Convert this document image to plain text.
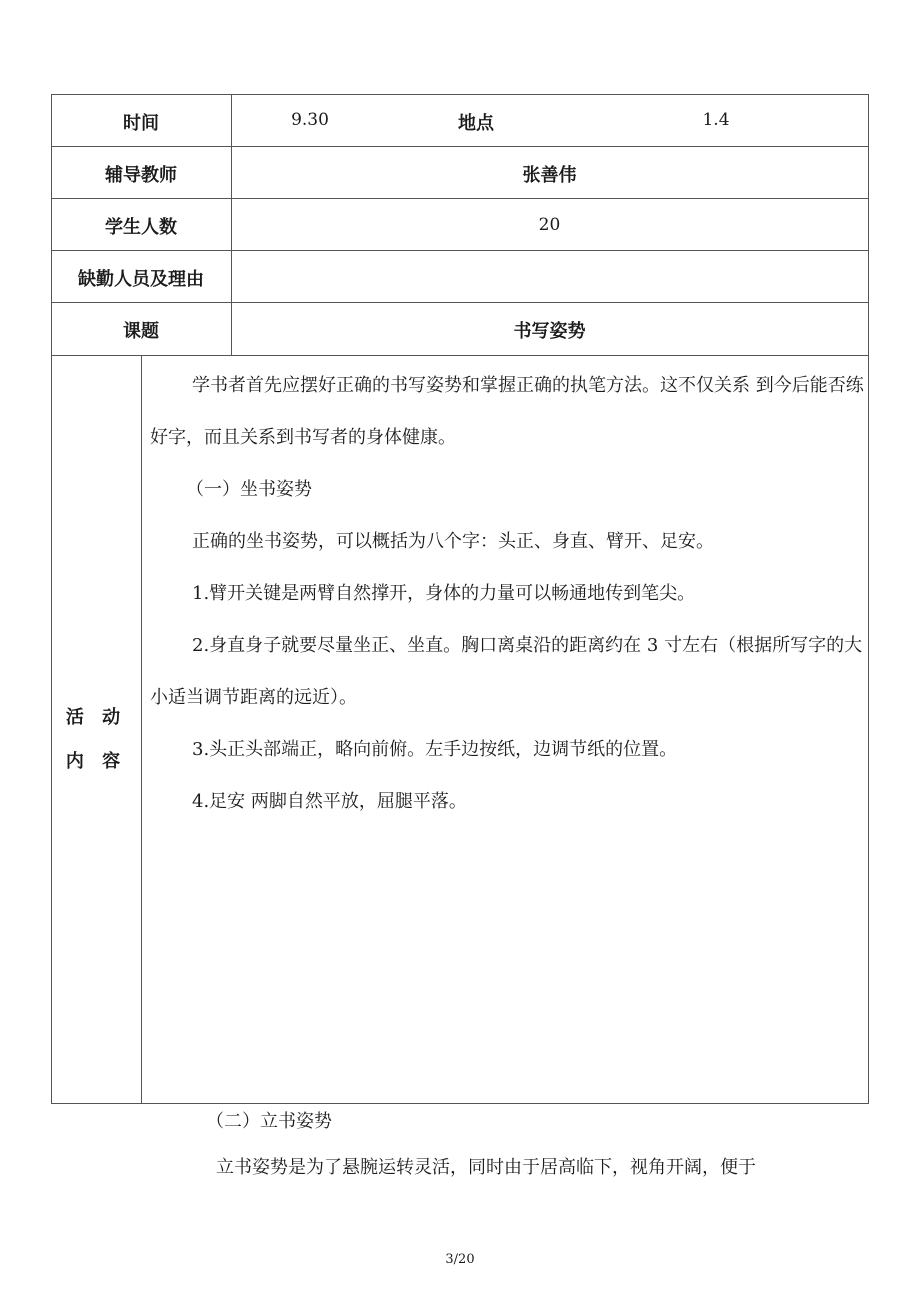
时间	9.30	地点	1.4
辅导教师	张善伟
学生人数	20
缺勤人员及理由
课题	书写姿势
活 动 内 容

学书者首先应摆好正确的书写姿势和掌握正确的执笔方法。这不仅关系 到今后能否练好字，而且关系到书写者的身体健康。

（一）坐书姿势

正确的坐书姿势，可以概括为八个字：头正、身直、臂开、足安。

1.臂开关键是两臂自然撑开，身体的力量可以畅通地传到笔尖。

2.身直身子就要尽量坐正、坐直。胸口离桌沿的距离约在 3 寸左右（根据所写字的大小适当调节距离的远近）。

3.头正头部端正，略向前俯。左手边按纸，边调节纸的位置。

4.足安 两脚自然平放，屈腿平落。

（二）立书姿势
立书姿势是为了悬腕运转灵活，同时由于居高临下，视角开阔，便于
3/20
